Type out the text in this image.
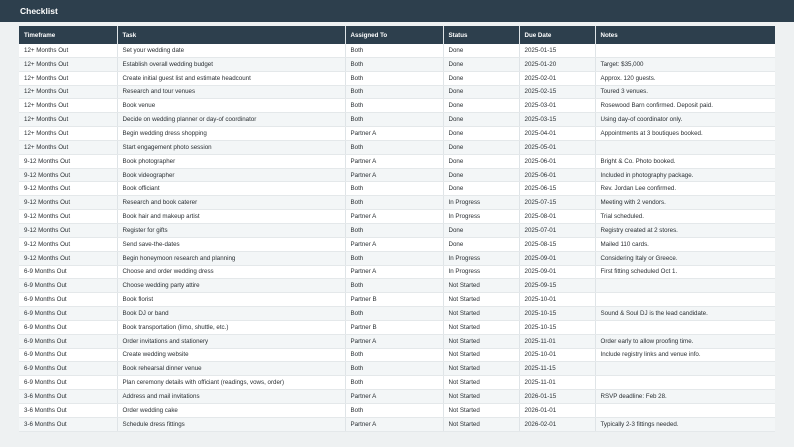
Checklist
Timeframe	Task	Assigned To	Status	Due Date	Notes
12+ Months Out	Set your wedding date	Both	Done	2025-01-15	
12+ Months Out	Establish overall wedding budget	Both	Done	2025-01-20	Target: $35,000
12+ Months Out	Create initial guest list and estimate headcount	Both	Done	2025-02-01	Approx. 120 guests.
12+ Months Out	Research and tour venues	Both	Done	2025-02-15	Toured 3 venues.
12+ Months Out	Book venue	Both	Done	2025-03-01	Rosewood Barn confirmed. Deposit paid.
12+ Months Out	Decide on wedding planner or day-of coordinator	Both	Done	2025-03-15	Using day-of coordinator only.
12+ Months Out	Begin wedding dress shopping	Partner A	Done	2025-04-01	Appointments at 3 boutiques booked.
12+ Months Out	Start engagement photo session	Both	Done	2025-05-01	
9-12 Months Out	Book photographer	Partner A	Done	2025-06-01	Bright & Co. Photo booked.
9-12 Months Out	Book videographer	Partner A	Done	2025-06-01	Included in photography package.
9-12 Months Out	Book officiant	Both	Done	2025-06-15	Rev. Jordan Lee confirmed.
9-12 Months Out	Research and book caterer	Both	In Progress	2025-07-15	Meeting with 2 vendors.
9-12 Months Out	Book hair and makeup artist	Partner A	In Progress	2025-08-01	Trial scheduled.
9-12 Months Out	Register for gifts	Both	Done	2025-07-01	Registry created at 2 stores.
9-12 Months Out	Send save-the-dates	Partner A	Done	2025-08-15	Mailed 110 cards.
9-12 Months Out	Begin honeymoon research and planning	Both	In Progress	2025-09-01	Considering Italy or Greece.
6-9 Months Out	Choose and order wedding dress	Partner A	In Progress	2025-09-01	First fitting scheduled Oct 1.
6-9 Months Out	Choose wedding party attire	Both	Not Started	2025-09-15	
6-9 Months Out	Book florist	Partner B	Not Started	2025-10-01	
6-9 Months Out	Book DJ or band	Both	Not Started	2025-10-15	Sound & Soul DJ is the lead candidate.
6-9 Months Out	Book transportation (limo, shuttle, etc.)	Partner B	Not Started	2025-10-15	
6-9 Months Out	Order invitations and stationery	Partner A	Not Started	2025-11-01	Order early to allow proofing time.
6-9 Months Out	Create wedding website	Both	Not Started	2025-10-01	Include registry links and venue info.
6-9 Months Out	Book rehearsal dinner venue	Both	Not Started	2025-11-15	
6-9 Months Out	Plan ceremony details with officiant (readings, vows, order)	Both	Not Started	2025-11-01	
3-6 Months Out	Address and mail invitations	Partner A	Not Started	2026-01-15	RSVP deadline: Feb 28.
3-6 Months Out	Order wedding cake	Both	Not Started	2026-01-01	
3-6 Months Out	Schedule dress fittings	Partner A	Not Started	2026-02-01	Typically 2-3 fittings needed.
